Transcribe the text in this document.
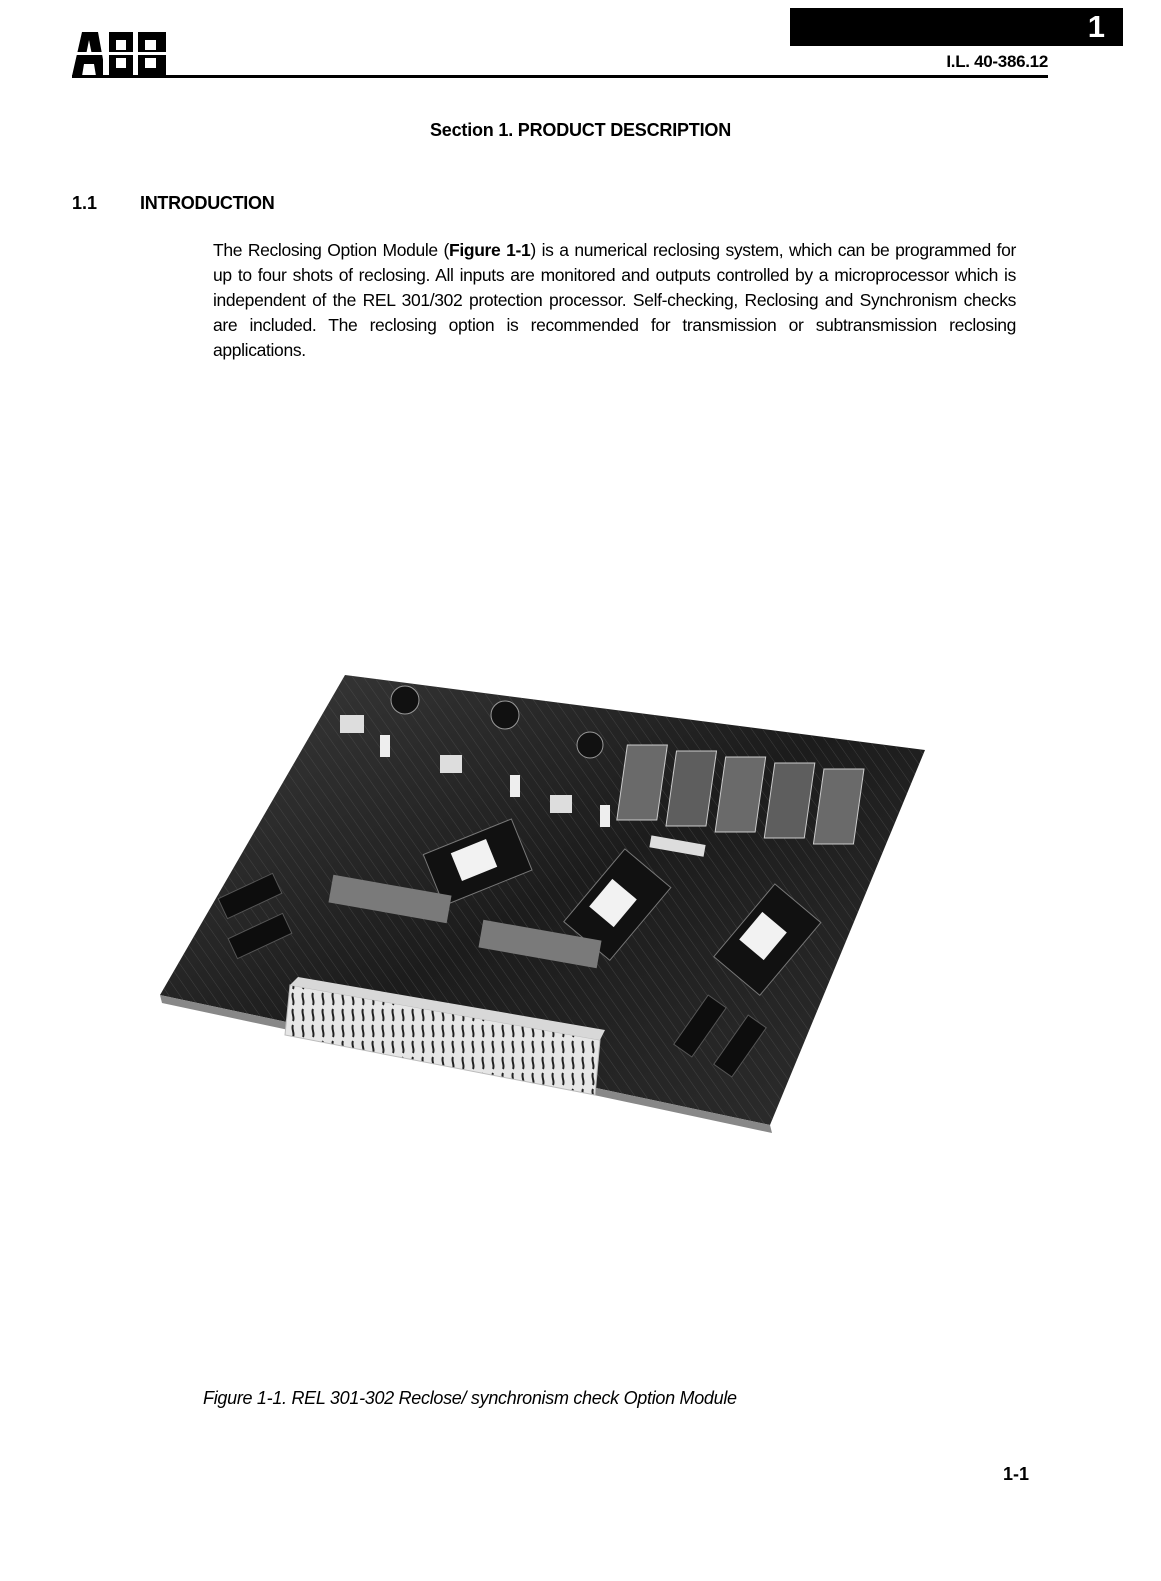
1
I.L. 40-386.12
Section 1. PRODUCT DESCRIPTION
1.1 INTRODUCTION

The Reclosing Option Module (Figure 1-1) is a numerical reclosing system, which can be programmed for up to four shots of reclosing. All inputs are monitored and outputs controlled by a microprocessor which is independent of the REL 301/302 protection processor. Self-checking, Reclosing and Synchronism checks are included. The reclosing option is recommended for transmission or subtransmission reclosing applications.

Figure 1-1. REL 301-302 Reclose/ synchronism check Option Module
1-1
